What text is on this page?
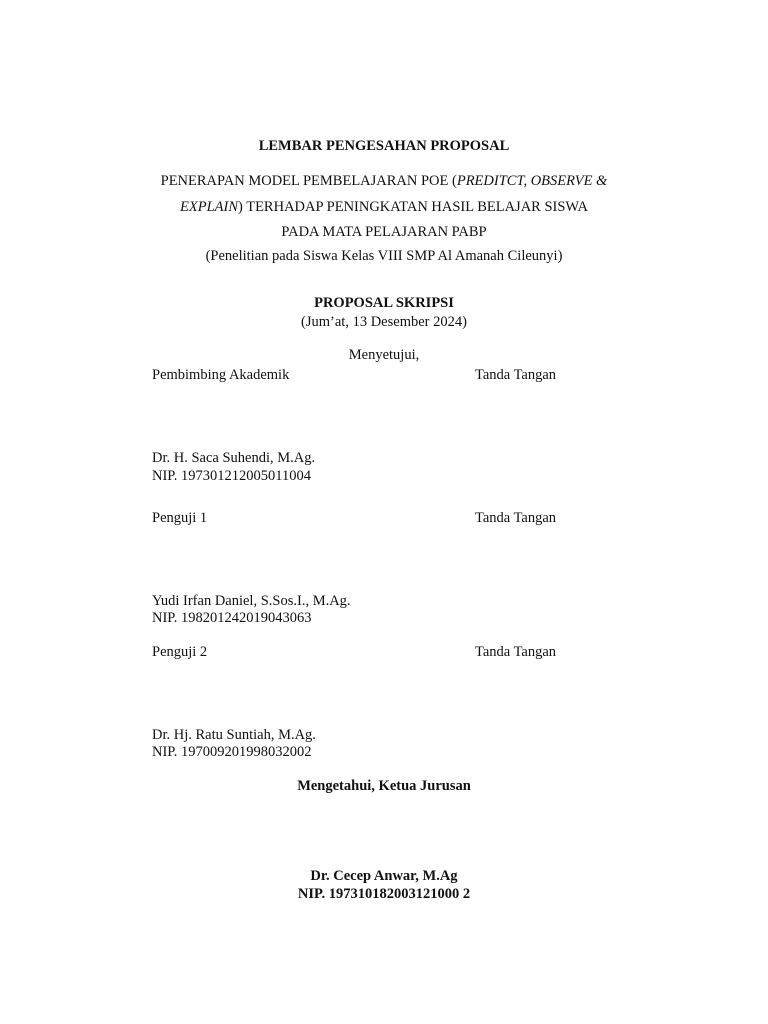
LEMBAR PENGESAHAN PROPOSAL
PENERAPAN MODEL PEMBELAJARAN POE (PREDITCT, OBSERVE &
EXPLAIN) TERHADAP PENINGKATAN HASIL BELAJAR SISWA
PADA MATA PELAJARAN PABP
(Penelitian pada Siswa Kelas VIII SMP Al Amanah Cileunyi)
PROPOSAL SKRIPSI
(Jum’at, 13 Desember 2024)
Menyetujui,
Pembimbing Akademik	Tanda Tangan
Dr. H. Saca Suhendi, M.Ag.
NIP. 197301212005011004
Penguji 1	Tanda Tangan
Yudi Irfan Daniel, S.Sos.I., M.Ag.
NIP. 198201242019043063
Penguji 2	Tanda Tangan
Dr. Hj. Ratu Suntiah, M.Ag.
NIP. 197009201998032002
Mengetahui, Ketua Jurusan
Dr. Cecep Anwar, M.Ag
NIP. 197310182003121000 2
